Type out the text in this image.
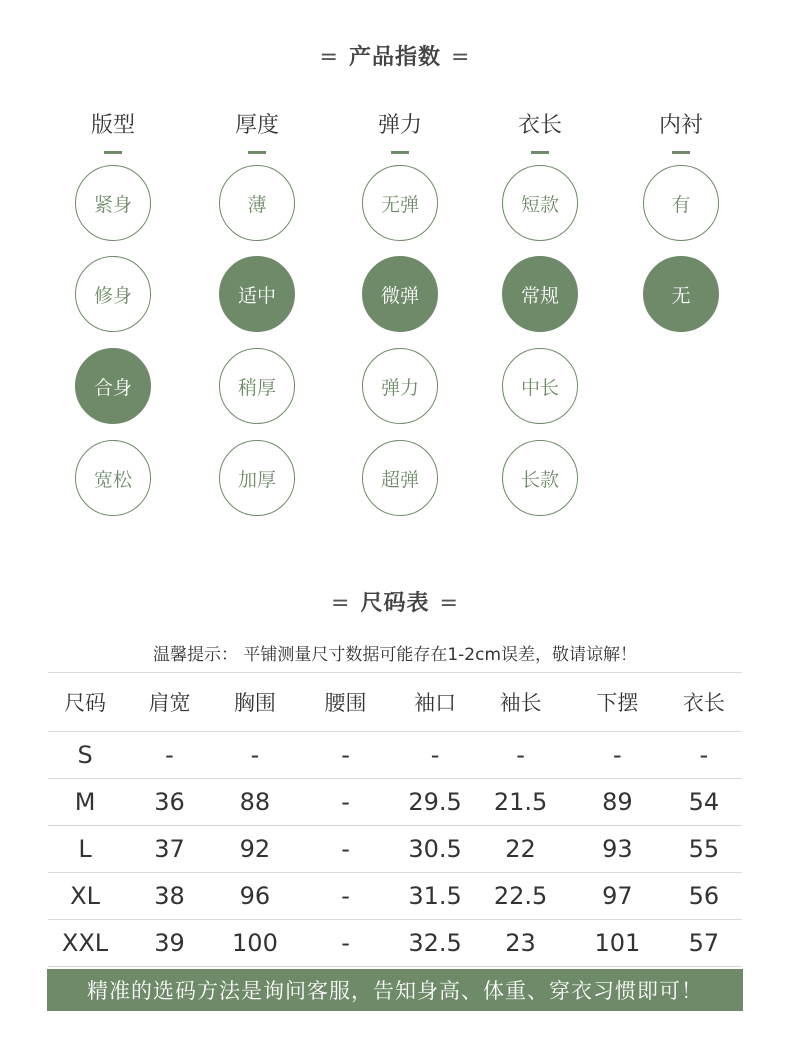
= 产品指数 =
版型
紧身
修身
合身
宽松
厚度
薄
适中
稍厚
加厚
弹力
无弹
微弹
弹力
超弹
衣长
短款
常规
中长
长款
内衬
有
无
= 尺码表 =
温馨提示： 平铺测量尺寸数据可能存在1-2cm误差，敬请谅解！
尺码	肩宽	胸围	腰围	袖口	袖长	下摆	衣长
S	-	-	-	-	-	-	-
M	36	88	-	29.5	21.5	89	54
L	37	92	-	30.5	22	93	55
XL	38	96	-	31.5	22.5	97	56
XXL	39	100	-	32.5	23	101	57
精准的选码方法是询问客服，告知身高、体重、穿衣习惯即可！
